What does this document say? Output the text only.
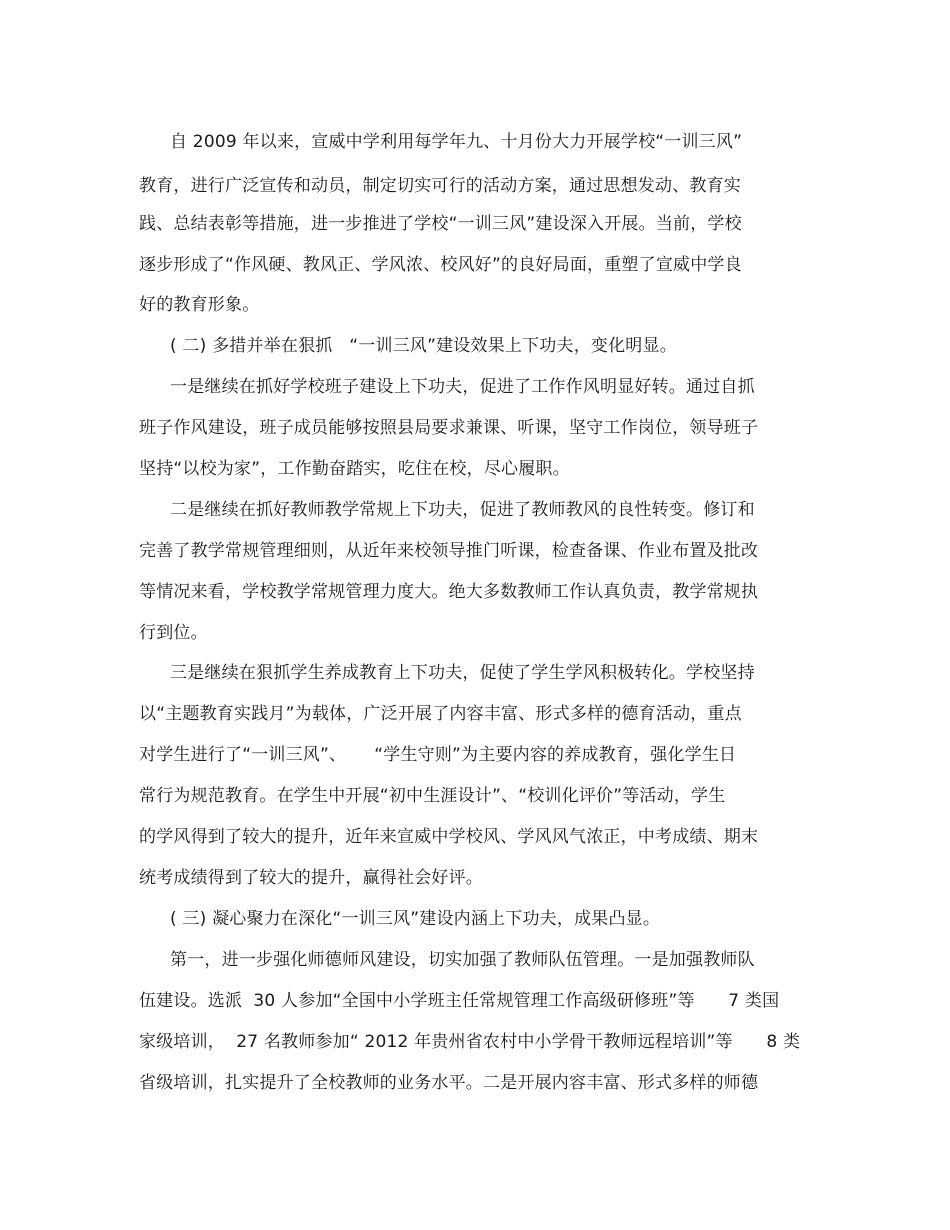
自 2009 年以来，宣威中学利用每学年九、十月份大力开展学校“一训三风”
教育，进行广泛宣传和动员，制定切实可行的活动方案，通过思想发动、教育实
践、总结表彰等措施，进一步推进了学校“一训三风”建设深入开展。当前，学校
逐步形成了“作风硬、教风正、学风浓、校风好”的良好局面，重塑了宣威中学良
好的教育形象。
( 二) 多措并举在狠抓   “一训三风”建设效果上下功夫，变化明显。
一是继续在抓好学校班子建设上下功夫，促进了工作作风明显好转。通过自抓
班子作风建设，班子成员能够按照县局要求兼课、听课，坚守工作岗位，领导班子
坚持“以校为家”，工作勤奋踏实，吃住在校，尽心履职。
二是继续在抓好教师教学常规上下功夫，促进了教师教风的良性转变。修订和
完善了教学常规管理细则，从近年来校领导推门听课，检查备课、作业布置及批改
等情况来看，学校教学常规管理力度大。绝大多数教师工作认真负责，教学常规执
行到位。
三是继续在狠抓学生养成教育上下功夫，促使了学生学风积极转化。学校坚持
以“主题教育实践月”为载体，广泛开展了内容丰富、形式多样的德育活动，重点
对学生进行了“一训三风”、     “学生守则”为主要内容的养成教育，强化学生日
常行为规范教育。在学生中开展“初中生涯设计”、“校训化评价”等活动，学生
的学风得到了较大的提升，近年来宣威中学校风、学风风气浓正，中考成绩、期末
统考成绩得到了较大的提升，赢得社会好评。
( 三) 凝心聚力在深化“一训三风”建设内涵上下功夫，成果凸显。
第一，进一步强化师德师风建设，切实加强了教师队伍管理。一是加强教师队
伍建设。选派  30 人参加“全国中小学班主任常规管理工作高级研修班”等      7 类国
家级培训，  27 名教师参加“ 2012 年贵州省农村中小学骨干教师远程培训”等      8 类
省级培训，扎实提升了全校教师的业务水平。二是开展内容丰富、形式多样的师德
